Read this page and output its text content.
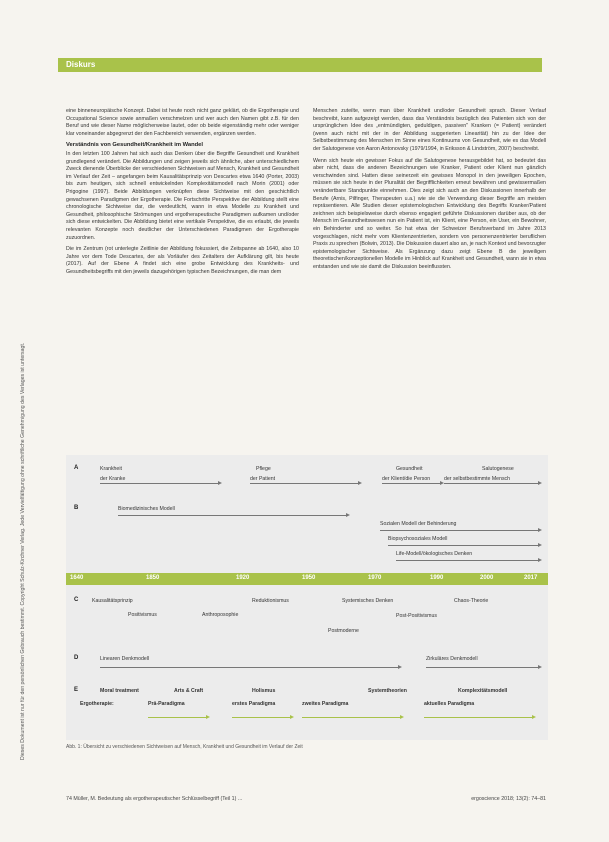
Dieses Dokument ist nur für den persönlichen Gebrauch bestimmt. Copyright Schulz-Kirchner Verlag. Jede Vervielfältigung ohne schriftliche Genehmigung des Verlages ist untersagt.
Diskurs

eine binneneuropäische Konzept. Dabei ist heute noch nicht ganz geklärt, ob die Ergotherapie und Occupational Science sowie anmaßen verschmelzen und wer auch den Namen gibt z.B. für den Beruf und wie dieser Name möglicherweise lautet, oder ob beide eigenständig mehr oder weniger klar voneinander abgegrenzt der den Fachbereich verwenden, ergänzen werden.

Verständnis von Gesundheit/Krankheit im Wandel

In den letzten 100 Jahren hat sich auch das Denken über die Begriffe Gesundheit und Krankheit grundlegend verändert. Die Abbildungen und zeigen jeweils sich ähnliche, aber unterschiedlichem Zweck dienende Überblicke der verschiedenen Sichtweisen auf Mensch, Krankheit und Gesundheit im Verlauf der Zeit – angefangen beim Kausalitätsprinzip von Descartes etwa 1640 (Porter, 2003) bis zum heutigen, sich schnell entwickelnden Komplexitätsmodell nach Morin (2001) oder Prigogine (1997). Beide Abbildungen verknüpfen diese Sichtweise mit den geschichtlich gewachsenen Paradigmen der Ergotherapie. Die Fortschritte Perspektive der Abbildung stellt eine chronologische Sichtweise dar, die verdeutlicht, wann in etwa Modelle zu Krankheit und Gesundheit, philosophische Strömungen und ergotherapeutische Paradigmen aufkamen und/oder sich diese entwickelten. Die Abbildung bietet eine vertikale Perspektive, die es erlaubt, die jeweils relevanten Konzepte noch deutlicher der Unterschiedenen Paradigmen der Ergotherapie zuzuordnen.

Die im Zentrum (rot unterlegte Zeitlinie der Abbildung fokussiert, die Zeitspanne ab 1640, also 10 Jahre vor dem Tode Descartes, der als Vorläufer des Zeitalters der Aufklärung gilt, bis heute (2017). Auf der Ebene A findet sich eine grobe Entwicklung des Krankheits- und Gesundheitsbegriffs mit den jeweils dazugehörigen typischen Bezeichnungen, die man dem

Menschen zuteilte, wenn man über Krankheit und/oder Gesundheit sprach. Dieser Verlauf beschreibt, kann aufgezeigt werden, dass das Verständnis bezüglich des Patienten sich von der ursprünglichen Idee des „entmündigten, geduldigen, passiven" Kranken (= Patient) verändert (wenn auch nicht mit der in der Abbildung suggerierten Linearität) hin zu der Idee der Selbstbestimmung des Menschen im Sinne eines Kontinuums von Gesundheit, wie es das Modell der Salutogenese von Aaron Antonovsky (1979/1994, in Eriksson & Lindström, 2007) beschreibt.

Wenn sich heute ein gewisser Fokus auf die Salutogenese herausgebildet hat, so bedeutet das aber nicht, dass die anderen Bezeichnungen wie Kranker, Patient oder Klient nun gänzlich verschwinden sind. Hatten diese seinerzeit ein gewisses Monopol in den jeweiligen Epochen, müssen sie sich heute in der Pluralität der Begrifflichkeiten erneut bewähren und gewissermaßen verändertbare Standpunkte einnehmen. Dies zeigt sich auch an den Diskussionen innerhalb der Berufe (Arnis, Pilfinger, Therapeuten u.a.) wie sie die Verwendung dieser Begriffe am meisten repräsentieren. Alle Studien dieser epistemologischen Entwicklung des Begriffs Kranker/Patient zeichnen sich beispielsweise durch ebenso engagiert geführte Diskussionen darüber aus, ob der Mensch im Gesundheitswesen nun ein Patient ist, ein Klient, eine Person, ein User, ein Bewohner, ein Behinderter und so weiter. So hat etwa der Schweizer Berufsverband im Jahre 2013 vorgeschlagen, nicht mehr vom Klientenzentrierten, sondern von personenzentrierter beruflichen Praxis zu sprechen (Bolwin, 2013). Die Diskussion dauert also an, je nach Kontext und bevorzugter epistemologischer Sichtweise. Als Ergänzung dazu zeigt Ebene B die jeweiligen theoretischen/konzeptionellen Modelle im Hinblick auf Krankheit und Gesundheit, wann sie in etwa entstanden und wie sie damit die Diskussion beeinflussten.

A	Krankheit
der Kranke
Pflege
der Patient
Gesundheit
der Klient/die Person
Salutogenese
der selbstbestimmte Mensch
B	Biomedizinisches Modell
Sozialen Modell der Behinderung
Biopsychosoziales Modell
Life-Modell/ökologisches Denken
1640	1850	1920	1950	1970	1990	2000	2017
C	Kausalitätsprinzip
Positivismus	Anthroposophie
Reduktionismus	Systemisches Denken
Postmoderne
Post-Positivismus
Chaos-Theorie
D	Linearen Denkmodell	Zirkuläres Denkmodell
E	Moral treatment	Arts & Craft	Holismus	Systemtheorien	Komplexitätsmodell
Ergotherapie:	Prä-Paradigma	erstes Paradigma	zweites Paradigma	aktuelles Paradigma
Abb. 1: Übersicht zu verschiedenen Sichtweisen auf Mensch, Krankheit und Gesundheit im Verlauf der Zeit
74 Müller, M. Bedeutung als ergotherapeutischer Schlüsselbegriff (Teil 1) ...	ergoscience 2018; 13(2): 74–81
